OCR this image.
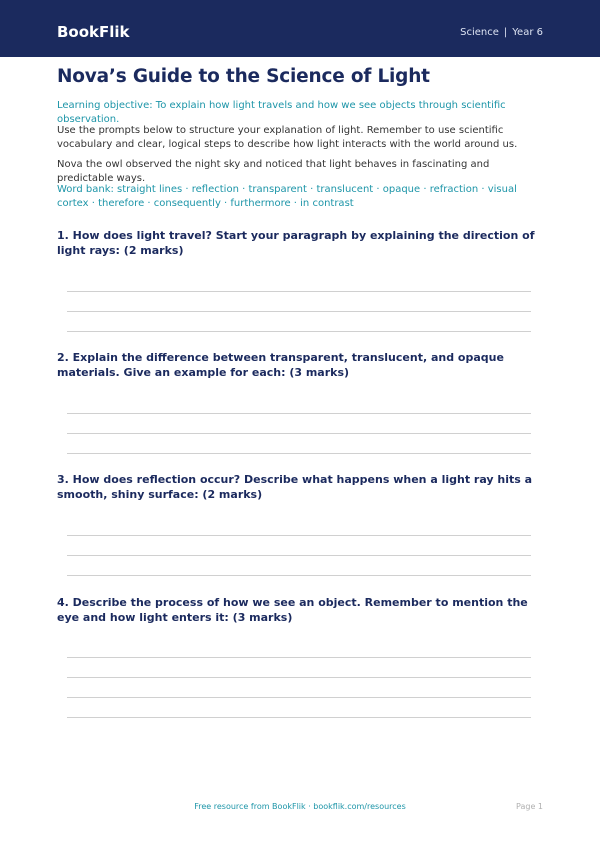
BookFlik	Science | Year 6

Nova’s Guide to the Science of Light

Learning objective: To explain how light travels and how we see objects through scientific observation.

Use the prompts below to structure your explanation of light. Remember to use scientific vocabulary and clear, logical steps to describe how light interacts with the world around us.

Nova the owl observed the night sky and noticed that light behaves in fascinating and predictable ways.

Word bank: straight lines · reflection · transparent · translucent · opaque · refraction · visual cortex · therefore · consequently · furthermore · in contrast

1. How does light travel? Start your paragraph by explaining the direction of light rays: (2 marks)

2. Explain the difference between transparent, translucent, and opaque materials. Give an example for each: (3 marks)

3. How does reflection occur? Describe what happens when a light ray hits a smooth, shiny surface: (2 marks)

4. Describe the process of how we see an object. Remember to mention the eye and how light enters it: (3 marks)

Free resource from BookFlik · bookflik.com/resources	Page 1
